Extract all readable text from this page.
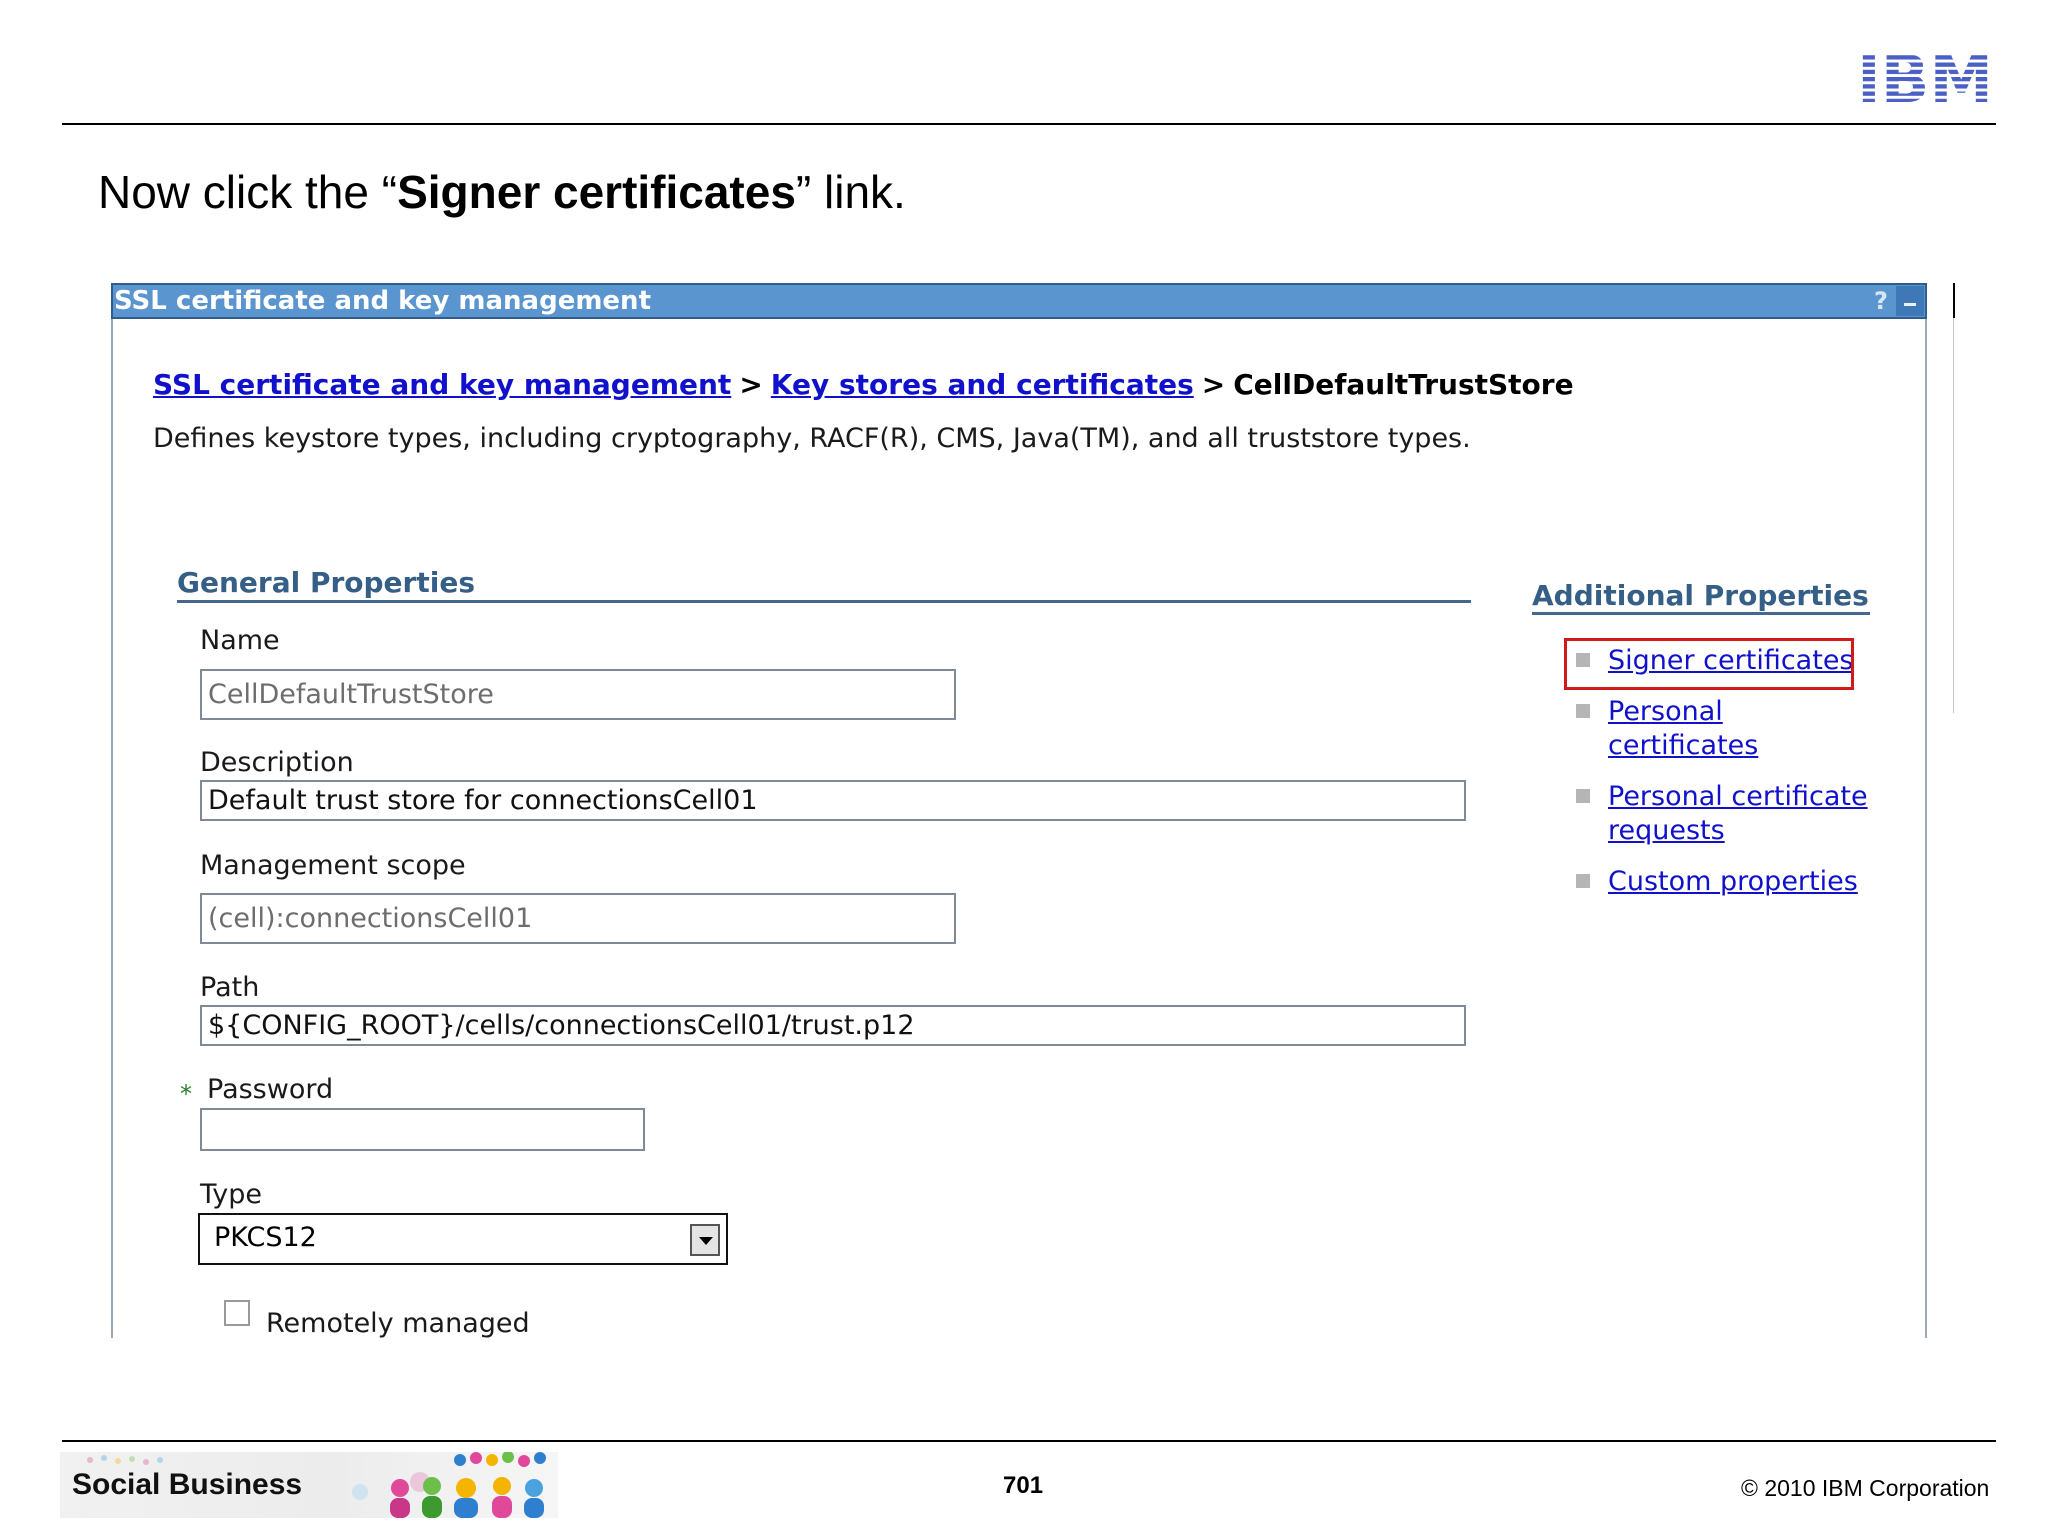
IBM
Now click the “Signer certificates” link.
SSL certificate and key management	?
SSL certificate and key management > Key stores and certificates > CellDefaultTrustStore
Defines keystore types, including cryptography, RACF(R), CMS, Java(TM), and all truststore types.
General Properties
Name
CellDefaultTrustStore
Description
Default trust store for connectionsCell01
Management scope
(cell):connectionsCell01
Path
${CONFIG_ROOT}/cells/connectionsCell01/trust.p12
* Password
Type
PKCS12
Remotely managed
Additional Properties
Signer certificates
Personal
certificates
Personal certificate
requests
Custom properties
Social Business	701	© 2010 IBM Corporation
